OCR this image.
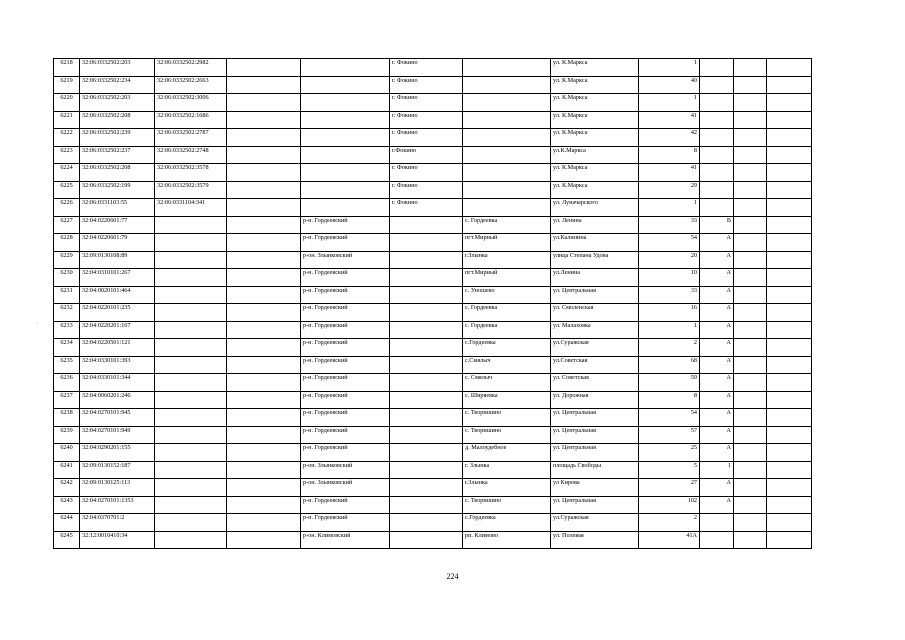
6218	32:06:0332502:203	32:06:0332502:2982			г. Фокино		ул. К.Маркса	1			
6219	32:06:0332502:234	32:06:0332502:2663			г. Фокино		ул. К.Маркса	40			
6220	32:06:0332502:203	32:06:0332502:3006			г. Фокино		ул. К.Маркса	1			
6221	32:06:0332502:208	32:06:0332502:1686			г. Фокино		ул. К.Маркса	41			
6222	32:06:0332502:239	32:06:0332502:2787			г. Фокино		ул. К.Маркса	42			
6223	32:06:0332502:237	32:06:0332502:2748			г.Фокино		ул.К.Маркса	8			
6224	32:06:0332502:208	32:06:0332502:3578			г. Фокино		ул. К.Маркса	41			
6225	32:06:0332502:199	32:06:0332502:3579			г. Фокино		ул. К.Маркса	29			
6226	32:06:0331103:55	32:06:0331104:341			г. Фокино		ул. Луначарского	1			
6227	32:04:0220601:77			р-н. Гордеевский		с. Гордеевка	ул. Ленина	33	В		
6228	32:04:0220601:79			р-н. Гордеевский		пгт.Мирный	ул.Калинина	54	А		
6229	32:09:0130108:89			р-он. Злынковский		г.Злынка	улица Степана Удова	20	А		
6230	32:04:0310101:267			р-н. Гордеевский		пгт.Мирный	ул.Ленина	10	А		
6231	32:04:0020101:464			р-н. Гордеевский		с. Уношево	ул. Центральная	33	А		
6232	32:04:0220101:235			р-н. Гордеевский		с. Гордеевка	ул. Смоленская	16	А		
6233	32:04:0220201:167			р-н. Гордеевский		с. Гордеевка	ул. Малаховка	1	А		
6234	32:04:0220501:121			р-н. Гордеевский		с.Гордеевка	ул.Суражская	2	А		
6235	32:04:0330101:393			р-н. Гордеевский		с.Смялыч	ул.Советская	68	А		
6236	32:04:0330101:344			р-н. Гордеевский		с. Смялыч	ул. Советская	59	А		
6237	32:04:0060201:246			р-н. Гордеевский		с. Ширяевка	ул. Дорожная	8	А		
6238	32:04:0270101:945			р-н. Гордеевский		с. Творишино	ул. Центральная	54	А		
6239	32:04:0270101:949			р-н. Гордеевский		с. Творишино	ул. Центральная	57	А		
6240	32:04:0290201:155			р-н. Гордеевский		д. Малоудебное	ул. Центральная	25	А		
6241	32:09:0130152:187			р-он. Злынковский		г. Злынка	площадь Свободы	5	1		
6242	32:09:0130125:113			р-он. Злынковский		г.Злынка	ул Кирова	27	А		
6243	32:04:0270101:1353			р-н. Гордеевский		с. Творишино	ул. Центральная	102	А		
6244	32:04:0370701:2			р-н. Гордеевский		с.Гордеевка	ул.Суражская	2			
6245	32:12:0010410:34			р-он. Климовский		рп. Климово	ул. Полевая	41А			
·
224
